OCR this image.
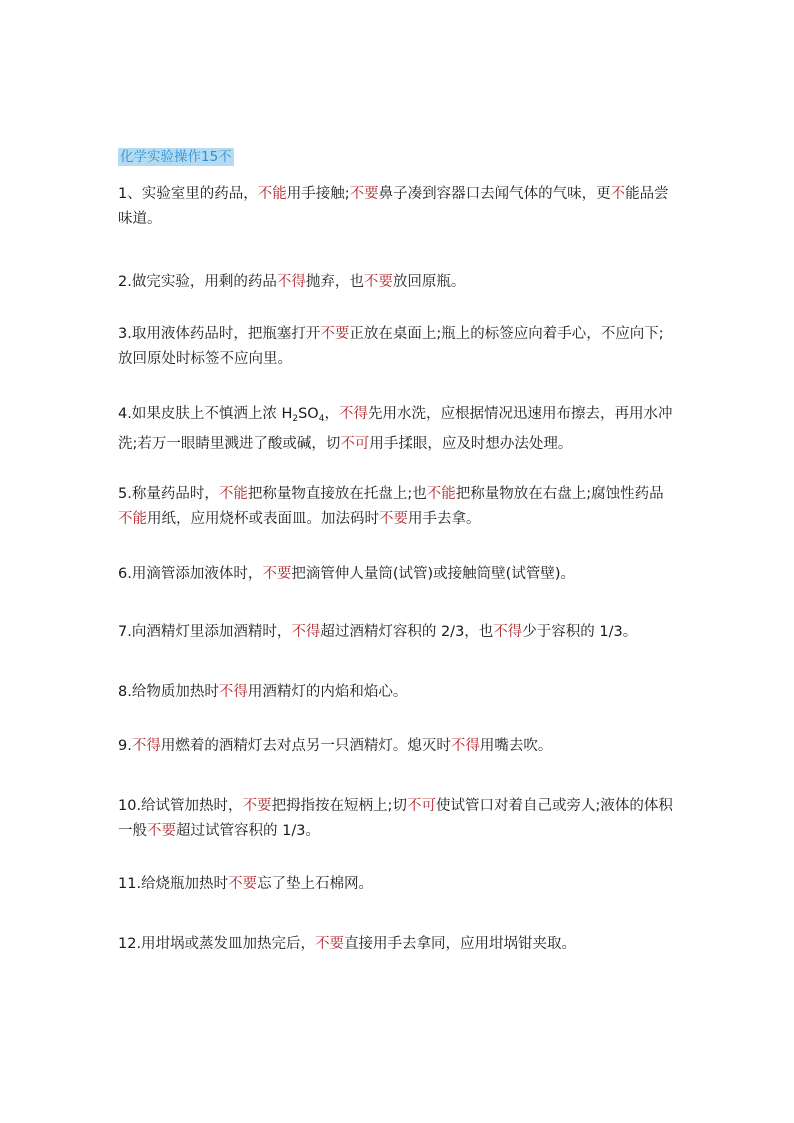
化学实验操作15不

1、实验室里的药品，不能用手接触;不要鼻子凑到容器口去闻气体的气味，更不能品尝味道。

2.做完实验，用剩的药品不得抛弃，也不要放回原瓶。

3.取用液体药品时，把瓶塞打开不要正放在桌面上;瓶上的标签应向着手心，不应向下;放回原处时标签不应向里。

4.如果皮肤上不慎洒上浓 $H_2SO_4$，不得先用水洗，应根据情况迅速用布擦去，再用水冲洗;若万一眼睛里溅进了酸或碱，切不可用手揉眼，应及时想办法处理。

5.称量药品时，不能把称量物直接放在托盘上;也不能把称量物放在右盘上;腐蚀性药品不能用纸，应用烧杯或表面皿。加法码时不要用手去拿。

6.用滴管添加液体时，不要把滴管伸人量筒(试管)或接触筒壁(试管壁)。

7.向酒精灯里添加酒精时，不得超过酒精灯容积的 2/3，也不得少于容积的 1/3。

8.给物质加热时不得用酒精灯的内焰和焰心。

9.不得用燃着的酒精灯去对点另一只酒精灯。熄灭时不得用嘴去吹。

10.给试管加热时，不要把拇指按在短柄上;切不可使试管口对着自己或旁人;液体的体积一般不要超过试管容积的 1/3。

11.给烧瓶加热时不要忘了垫上石棉网。

12.用坩埚或蒸发皿加热完后，不要直接用手去拿同，应用坩埚钳夹取。
